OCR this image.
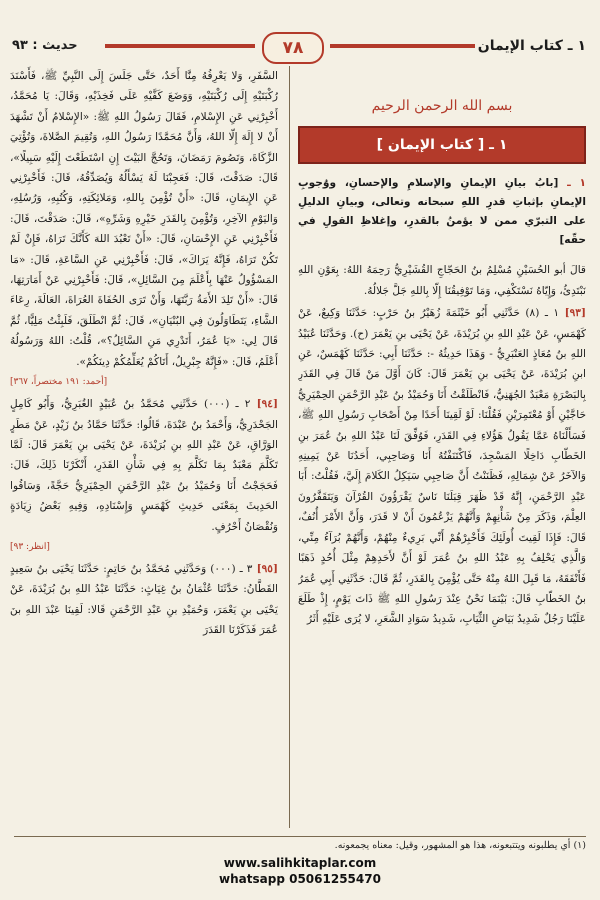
١ ـ كتاب الإيمان
٧٨
حديث : ٩٣
بسم الله الرحمن الرحيم
١ ـ [ كتاب الإيمان ]

١ ـ [بابُ بيانِ الإيمانِ والإسلامِ والإحسانِ، ووُجوبِ الإيمانِ بإثباتِ قدرِ اللهِ سبحانه وتعالى، وبيانِ الدليلِ على التبرّي ممن لا يؤمنُ بالقدرِ، وإغلاظِ القولِ في حقّه]

قالَ أبو الحُسَيْنِ مُسْلِمُ بنُ الحَجّاجِ القُشَيْرِيُّ رَحِمَهُ اللهُ: بِعَوْنِ اللهِ نَبْتَدِئُ، وَإِيّاهُ نَسْتَكْفِي، وَمَا تَوْفِيقُنَا إِلّا بِاللهِ جَلَّ جَلالُهُ.

[٩٣] ١ ـ (٨) حَدَّثَنِي أَبُو خَيْثَمَةَ زُهَيْرُ بنُ حَرْبٍ: حَدَّثَنَا وَكِيعٌ، عَنْ كَهْمَسٍ، عَنْ عَبْدِ اللهِ بنِ بُرَيْدَةَ، عَنْ يَحْيَى بنِ يَعْمَرَ (ح). وَحَدَّثَنَا عُبَيْدُ اللهِ بنُ مُعَاذٍ العَنْبَرِيُّ - وَهَذَا حَدِيثُهُ -: حَدَّثَنَا أَبِي: حَدَّثَنَا كَهْمَسٌ، عَنِ ابنِ بُرَيْدَةَ، عَنْ يَحْيَى بنِ يَعْمَرَ قَالَ: كَانَ أَوَّلَ مَنْ قَالَ فِي القَدَرِ بِالبَصْرَةِ مَعْبَدٌ الجُهَنِيُّ، فَانْطَلَقْتُ أَنَا وَحُمَيْدُ بنُ عَبْدِ الرَّحْمَنِ الحِمْيَرِيُّ حَاجَّيْنِ أَوْ مُعْتَمِرَيْنِ فَقُلْنَا: لَوْ لَقِينَا أَحَدًا مِنْ أَصْحَابِ رَسُولِ اللهِ ﷺ، فَسَأَلْنَاهُ عَمَّا يَقُولُ هَؤُلاءِ فِي القَدَرِ، فَوُفِّقَ لَنَا عَبْدُ اللهِ بنُ عُمَرَ بنِ الخَطّابِ دَاخِلًا المَسْجِدَ، فَاكْتَنَفْتُهُ أَنَا وَصَاحِبِي، أَحَدُنَا عَنْ يَمِينِهِ وَالآخَرُ عَنْ شِمَالِهِ، فَظَنَنْتُ أَنَّ صَاحِبِي سَيَكِلُ الكَلامَ إِلَيَّ، فَقُلْتُ: أَبَا عَبْدِ الرَّحْمَنِ، إِنَّهُ قَدْ ظَهَرَ قِبَلَنَا نَاسٌ يَقْرَؤُونَ القُرْآنَ وَيَتَقَفَّرُونَ العِلْمَ، وَذَكَرَ مِنْ شَأْنِهِمْ وَأَنَّهُمْ يَزْعُمُونَ أَنْ لا قَدَرَ، وَأَنَّ الأَمْرَ أُنُفٌ، قَالَ: فَإِذَا لَقِيتَ أُولَئِكَ فَأَخْبِرْهُمْ أَنِّي بَرِيءٌ مِنْهُمْ، وَأَنَّهُمْ بُرَآءُ مِنِّي، وَالَّذِي يَحْلِفُ بِهِ عَبْدُ اللهِ بنُ عُمَرَ لَوْ أَنَّ لأَحَدِهِمْ مِثْلَ أُحُدٍ ذَهَبًا فَأَنْفَقَهُ، مَا قَبِلَ اللهُ مِنْهُ حَتَّى يُؤْمِنَ بِالقَدَرِ، ثُمَّ قَالَ: حَدَّثَنِي أَبِي عُمَرُ بنُ الخَطّابِ قَالَ: بَيْنَمَا نَحْنُ عِنْدَ رَسُولِ اللهِ ﷺ ذَاتَ يَوْمٍ، إِذْ طَلَعَ عَلَيْنَا رَجُلٌ شَدِيدُ بَيَاضِ الثِّيَابِ، شَدِيدُ سَوَادِ الشَّعَرِ، لا يُرَى عَلَيْهِ أَثَرُ

السَّفَرِ، وَلا يَعْرِفُهُ مِنَّا أَحَدٌ، حَتَّى جَلَسَ إِلَى النَّبِيِّ ﷺ، فَأَسْنَدَ رُكْبَتَيْهِ إِلَى رُكْبَتَيْهِ، وَوَضَعَ كَفَّيْهِ عَلَى فَخِذَيْهِ، وَقَالَ: يَا مُحَمَّدُ، أَخْبِرْنِي عَنِ الإِسْلامِ، فَقَالَ رَسُولُ اللهِ ﷺ: «الإِسْلامُ أَنْ تَشْهَدَ أَنْ لا إِلَهَ إِلّا اللهُ، وَأَنَّ مُحَمَّدًا رَسُولُ اللهِ، وَتُقِيمَ الصَّلاةَ، وَتُؤْتِيَ الزَّكَاةَ، وَتَصُومَ رَمَضَانَ، وَتَحُجَّ البَيْتَ إِنِ اسْتَطَعْتَ إِلَيْهِ سَبِيلًا»، قَالَ: صَدَقْتَ، قَالَ: فَعَجِبْنَا لَهُ يَسْأَلُهُ وَيُصَدِّقُهُ، قَالَ: فَأَخْبِرْنِي عَنِ الإِيمَانِ، قَالَ: «أَنْ تُؤْمِنَ بِاللهِ، وَمَلائِكَتِهِ، وَكُتُبِهِ، وَرُسُلِهِ، وَاليَوْمِ الآخِرِ، وَتُؤْمِنَ بِالقَدَرِ خَيْرِهِ وَشَرِّهِ»، قَالَ: صَدَقْتَ، قَالَ: فَأَخْبِرْنِي عَنِ الإِحْسَانِ، قَالَ: «أَنْ تَعْبُدَ اللهَ كَأَنَّكَ تَرَاهُ، فَإِنْ لَمْ تَكُنْ تَرَاهُ، فَإِنَّهُ يَرَاكَ»، قَالَ: فَأَخْبِرْنِي عَنِ السَّاعَةِ، قَالَ: «مَا المَسْؤُولُ عَنْهَا بِأَعْلَمَ مِنَ السَّائِلِ»، قَالَ: فَأَخْبِرْنِي عَنْ أَمَارَتِهَا، قَالَ: «أَنْ تَلِدَ الأَمَةُ رَبَّتَهَا، وَأَنْ تَرَى الحُفَاةَ العُرَاةَ، العَالَةَ، رِعَاءَ الشَّاءِ، يَتَطَاوَلُونَ فِي البُنْيَانِ»، قَالَ: ثُمَّ انْطَلَقَ، فَلَبِثْتُ مَلِيًّا، ثُمَّ قَالَ لِي: «يَا عُمَرُ، أَتَدْرِي مَنِ السَّائِلُ؟»، قُلْتُ: اللهُ وَرَسُولُهُ أَعْلَمُ، قَالَ: «فَإِنَّهُ جِبْرِيلُ، أَتَاكُمْ يُعَلِّمُكُمْ دِينَكُمْ».

[أحمد: ١٩١ مختصراً، ٣٦٧]

[٩٤] ٢ ـ (٠٠٠) حَدَّثَنِي مُحَمَّدُ بنُ عُبَيْدٍ الغُبَرِيُّ، وَأَبُو كَامِلٍ الجَحْدَرِيُّ، وَأَحْمَدُ بنُ عَبْدَةَ، قَالُوا: حَدَّثَنَا حَمَّادُ بنُ زَيْدٍ، عَنْ مَطَرٍ الوَرَّاقِ، عَنْ عَبْدِ اللهِ بنِ بُرَيْدَةَ، عَنْ يَحْيَى بنِ يَعْمَرَ قَالَ: لَمَّا تَكَلَّمَ مَعْبَدٌ بِمَا تَكَلَّمَ بِهِ فِي شَأْنِ القَدَرِ، أَنْكَرْنَا ذَلِكَ، قَالَ: فَحَجَجْتُ أَنَا وَحُمَيْدُ بنُ عَبْدِ الرَّحْمَنِ الحِمْيَرِيُّ حَجَّةً، وَسَاقُوا الحَدِيثَ بِمَعْنَى حَدِيثِ كَهْمَسٍ وَإِسْنَادِهِ، وَفِيهِ بَعْضُ زِيَادَةٍ وَنُقْصَانُ أَحْرُفٍ.

[انظر: ٩٣]

[٩٥] ٣ ـ (٠٠٠) وَحَدَّثَنِي مُحَمَّدُ بنُ حَاتِمٍ: حَدَّثَنَا يَحْيَى بنُ سَعِيدٍ القَطَّانُ: حَدَّثَنَا عُثْمَانُ بنُ غِيَاثٍ: حَدَّثَنَا عَبْدُ اللهِ بنُ بُرَيْدَةَ، عَنْ يَحْيَى بنِ يَعْمَرَ، وَحُمَيْدِ بنِ عَبْدِ الرَّحْمَنِ قَالا: لَقِينَا عَبْدَ اللهِ بنَ عُمَرَ فَذَكَرْنَا القَدَرَ

(١) أي يطلبونه ويتتبعونه، هذا هو المشهور، وقيل: معناه يجمعونه.
www.salihkitaplar.com
whatsapp 05061255470
